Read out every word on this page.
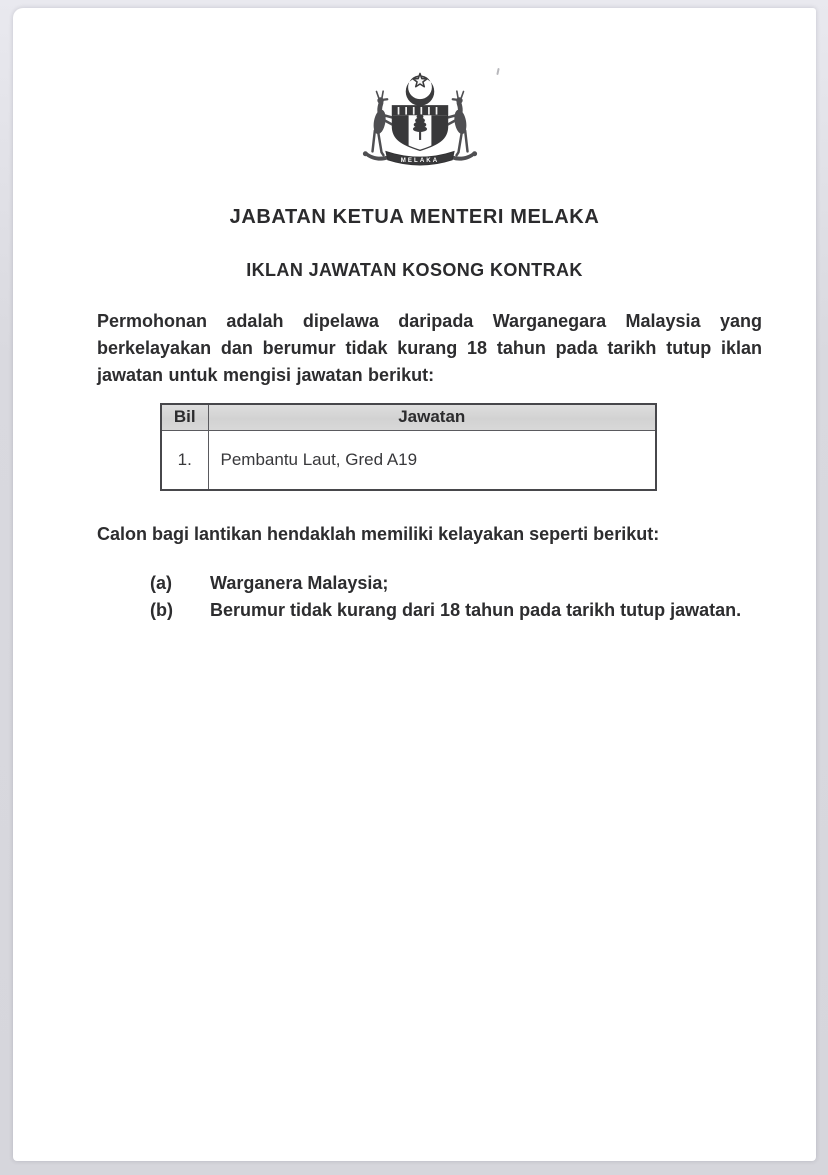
MELAKA
JABATAN KETUA MENTERI MELAKA
IKLAN JAWATAN KOSONG KONTRAK

Permohonan adalah dipelawa daripada Warganegara Malaysia yang berkelayakan dan berumur tidak kurang 18 tahun pada tarikh tutup iklan jawatan untuk mengisi jawatan berikut:

Bil	Jawatan
1.	Pembantu Laut, Gred A19
Calon bagi lantikan hendaklah memiliki kelayakan seperti berikut:
(a)	Warganera Malaysia;
(b)	Berumur tidak kurang dari 18 tahun pada tarikh tutup jawatan.
